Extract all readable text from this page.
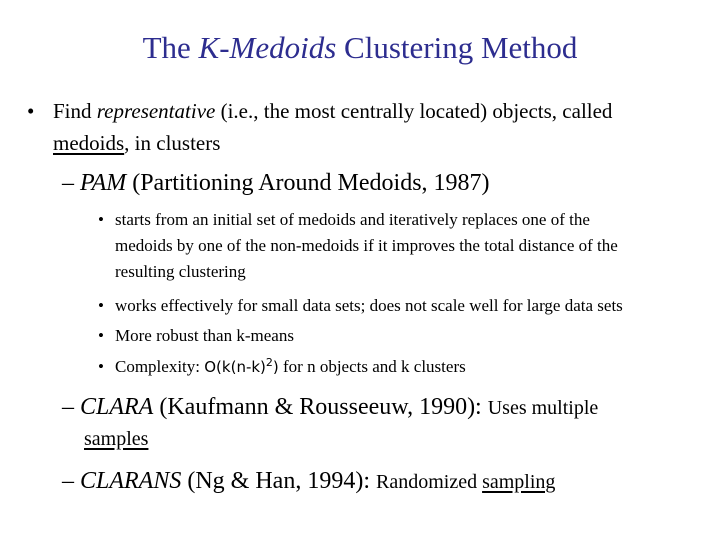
The K-Medoids Clustering Method
• Find representative (i.e., the most centrally located) objects, called
medoids, in clusters
– PAM (Partitioning Around Medoids, 1987)
• starts from an initial set of medoids and iteratively replaces one of the
medoids by one of the non-medoids if it improves the total distance of the
resulting clustering
• works effectively for small data sets; does not scale well for large data sets
• More robust than k-means
• Complexity: $O(k(n-k)^2)$ for n objects and k clusters
– CLARA (Kaufmann & Rousseeuw, 1990): Uses multiple
samples
– CLARANS (Ng & Han, 1994): Randomized sampling
